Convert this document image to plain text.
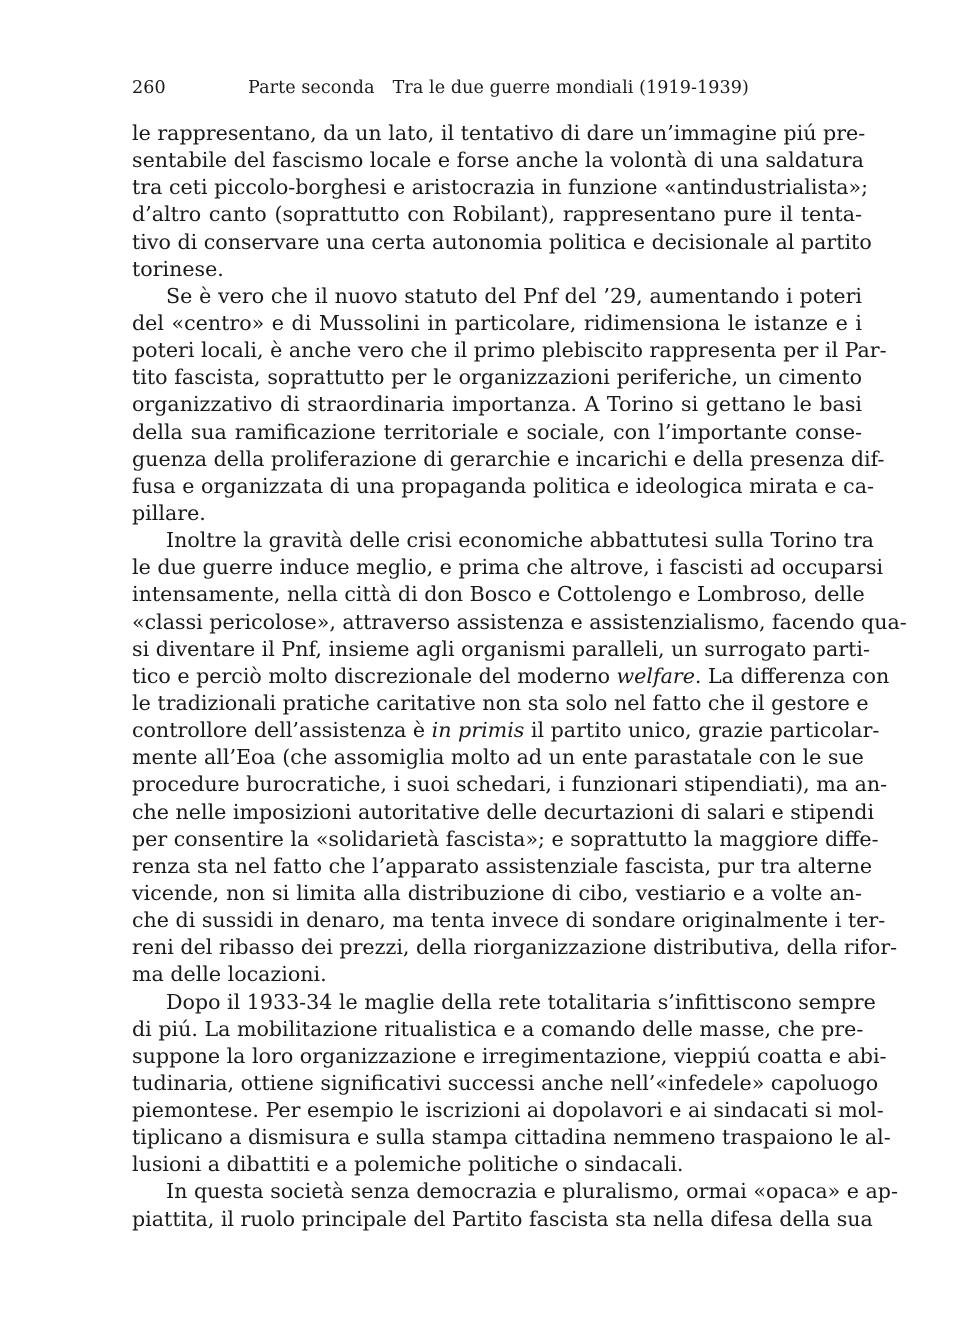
260	Parte seconda Tra le due guerre mondiali (1919-1939)
le rappresentano, da un lato, il tentativo di dare un’immagine piú pre-
sentabile del fascismo locale e forse anche la volontà di una saldatura
tra ceti piccolo-borghesi e aristocrazia in funzione «antindustrialista»;
d’altro canto (soprattutto con Robilant), rappresentano pure il tenta-
tivo di conservare una certa autonomia politica e decisionale al partito
torinese.
Se è vero che il nuovo statuto del Pnf del ’29, aumentando i poteri
del «centro» e di Mussolini in particolare, ridimensiona le istanze e i
poteri locali, è anche vero che il primo plebiscito rappresenta per il Par-
tito fascista, soprattutto per le organizzazioni periferiche, un cimento
organizzativo di straordinaria importanza. A Torino si gettano le basi
della sua ramificazione territoriale e sociale, con l’importante conse-
guenza della proliferazione di gerarchie e incarichi e della presenza dif-
fusa e organizzata di una propaganda politica e ideologica mirata e ca-
pillare.
Inoltre la gravità delle crisi economiche abbattutesi sulla Torino tra
le due guerre induce meglio, e prima che altrove, i fascisti ad occuparsi
intensamente, nella città di don Bosco e Cottolengo e Lombroso, delle
«classi pericolose», attraverso assistenza e assistenzialismo, facendo qua-
si diventare il Pnf, insieme agli organismi paralleli, un surrogato parti-
tico e perciò molto discrezionale del moderno welfare. La differenza con
le tradizionali pratiche caritative non sta solo nel fatto che il gestore e
controllore dell’assistenza è in primis il partito unico, grazie particolar-
mente all’Eoa (che assomiglia molto ad un ente parastatale con le sue
procedure burocratiche, i suoi schedari, i funzionari stipendiati), ma an-
che nelle imposizioni autoritative delle decurtazioni di salari e stipendi
per consentire la «solidarietà fascista»; e soprattutto la maggiore diffe-
renza sta nel fatto che l’apparato assistenziale fascista, pur tra alterne
vicende, non si limita alla distribuzione di cibo, vestiario e a volte an-
che di sussidi in denaro, ma tenta invece di sondare originalmente i ter-
reni del ribasso dei prezzi, della riorganizzazione distributiva, della rifor-
ma delle locazioni.
Dopo il 1933-34 le maglie della rete totalitaria s’infittiscono sempre
di piú. La mobilitazione ritualistica e a comando delle masse, che pre-
suppone la loro organizzazione e irregimentazione, vieppiú coatta e abi-
tudinaria, ottiene significativi successi anche nell’«infedele» capoluogo
piemontese. Per esempio le iscrizioni ai dopolavori e ai sindacati si mol-
tiplicano a dismisura e sulla stampa cittadina nemmeno traspaiono le al-
lusioni a dibattiti e a polemiche politiche o sindacali.
In questa società senza democrazia e pluralismo, ormai «opaca» e ap-
piattita, il ruolo principale del Partito fascista sta nella difesa della sua
